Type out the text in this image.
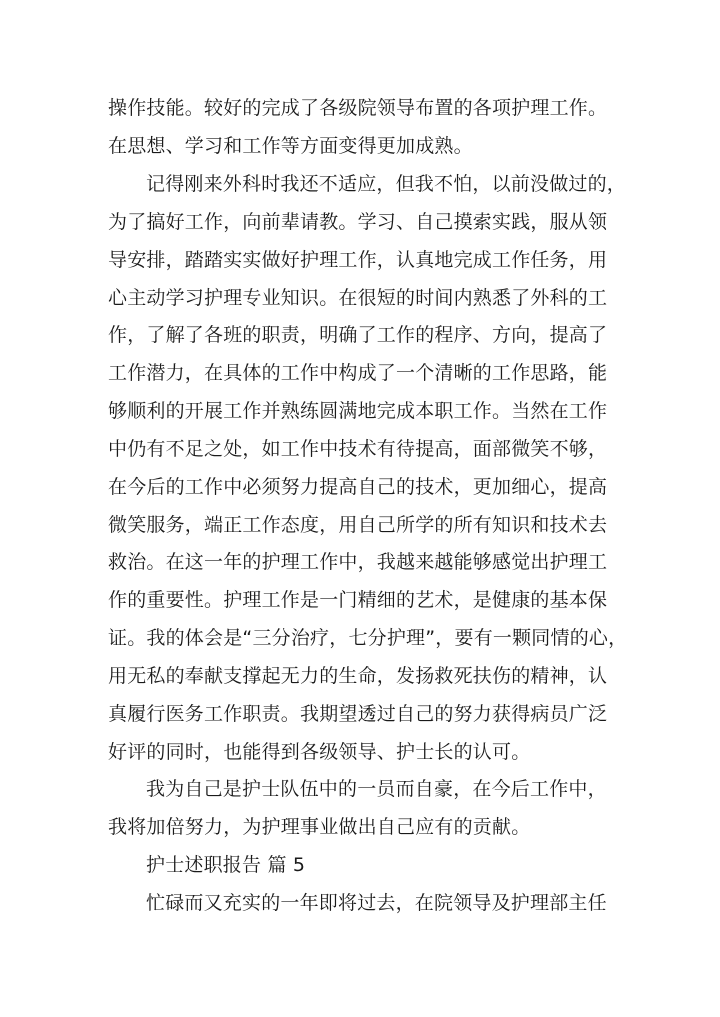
操作技能。较好的完成了各级院领导布置的各项护理工作。
在思想、学习和工作等方面变得更加成熟。
记得刚来外科时我还不适应，但我不怕，以前没做过的，
为了搞好工作，向前辈请教。学习、自己摸索实践，服从领
导安排，踏踏实实做好护理工作，认真地完成工作任务，用
心主动学习护理专业知识。在很短的时间内熟悉了外科的工
作，了解了各班的职责，明确了工作的程序、方向，提高了
工作潜力，在具体的工作中构成了一个清晰的工作思路，能
够顺利的开展工作并熟练圆满地完成本职工作。当然在工作
中仍有不足之处，如工作中技术有待提高，面部微笑不够，
在今后的工作中必须努力提高自己的技术，更加细心，提高
微笑服务，端正工作态度，用自己所学的所有知识和技术去
救治。在这一年的护理工作中，我越来越能够感觉出护理工
作的重要性。护理工作是一门精细的艺术，是健康的基本保
证。我的体会是“三分治疗，七分护理”，要有一颗同情的心，
用无私的奉献支撑起无力的生命，发扬救死扶伤的精神，认
真履行医务工作职责。我期望透过自己的努力获得病员广泛
好评的同时，也能得到各级领导、护士长的认可。
我为自己是护士队伍中的一员而自豪，在今后工作中，
我将加倍努力，为护理事业做出自己应有的贡献。
护士述职报告 篇 5
忙碌而又充实的一年即将过去，在院领导及护理部主任
